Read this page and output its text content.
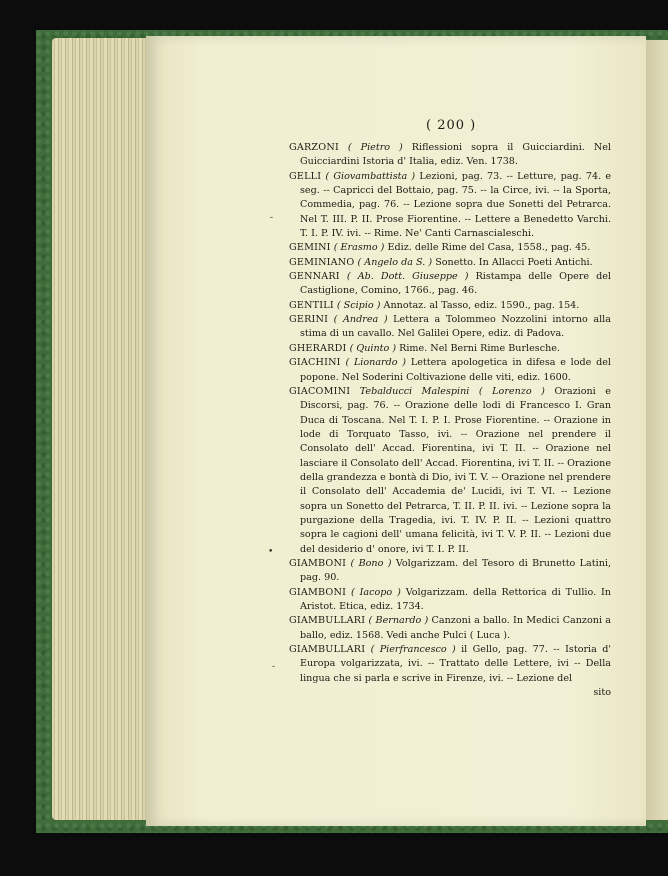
( 200 )
-
•
-

GARZONI ( Pietro ) Riflessioni sopra il Guicciardini. Nel Guicciardini Istoria d' Italia, ediz. Ven. 1738.

GELLI ( Giovambattista ) Lezioni, pag. 73. -- Letture, pag. 74. e seg. -- Capricci del Bottaio, pag. 75. -- la Circe, ivi. -- la Sporta, Commedia, pag. 76. -- Lezione sopra due Sonetti del Petrarca. Nel T. III. P. II. Prose Fiorentine. -- Lettere a Benedetto Varchi. T. I. P. IV. ivi. -- Rime. Ne' Canti Carnascialeschi.

GEMINI ( Erasmo ) Ediz. delle Rime del Casa, 1558., pag. 45.

GEMINIANO ( Angelo da S. ) Sonetto. In Allacci Poeti Antichi.

GENNARI ( Ab. Dott. Giuseppe ) Ristampa delle Opere del Castiglione, Comino, 1766., pag. 46.

GENTILI ( Scipio ) Annotaz. al Tasso, ediz. 1590., pag. 154.

GERINI ( Andrea ) Lettera a Tolommeo Nozzolini intorno alla stima di un cavallo. Nel Galilei Opere, ediz. di Padova.

GHERARDI ( Quinto ) Rime. Nel Berni Rime Burlesche.

GIACHINI ( Lionardo ) Lettera apologetica in difesa e lode del popone. Nel Soderini Coltivazione delle viti, ediz. 1600.

GIACOMINI Tebalducci Malespini ( Lorenzo ) Orazioni e Discorsi, pag. 76. -- Orazione delle lodi di Francesco I. Gran Duca di Toscana. Nel T. I. P. I. Prose Fiorentine. -- Orazione in lode di Torquato Tasso, ivi. -- Orazione nel prendere il Consolato dell' Accad. Fiorentina, ivi T. II. -- Orazione nel lasciare il Consolato dell' Accad. Fiorentina, ivi T. II. -- Orazione della grandezza e bontà di Dio, ivi T. V. -- Orazione nel prendere il Consolato dell' Accademia de' Lucidi, ivi T. VI. -- Lezione sopra un Sonetto del Petrarca, T. II. P. II. ivi. -- Lezione sopra la purgazione della Tragedia, ivi. T. IV. P. II. -- Lezioni quattro sopra le cagioni dell' umana felicità, ivi T. V. P. II. -- Lezioni due del desiderio d' onore, ivi T. I. P. II.

GIAMBONI ( Bono ) Volgarizzam. del Tesoro di Brunetto Latini, pag. 90.

GIAMBONI ( Iacopo ) Volgarizzam. della Rettorica di Tullio. In Aristot. Etica, ediz. 1734.

GIAMBULLARI ( Bernardo ) Canzoni a ballo. In Medici Canzoni a ballo, ediz. 1568. Vedi anche Pulci ( Luca ).

GIAMBULLARI ( Pierfrancesco ) il Gello, pag. 77. -- Istoria d' Europa volgarizzata, ivi. -- Trattato delle Lettere, ivi -- Della lingua che si parla e scrive in Firenze, ivi. -- Lezione del

sito
